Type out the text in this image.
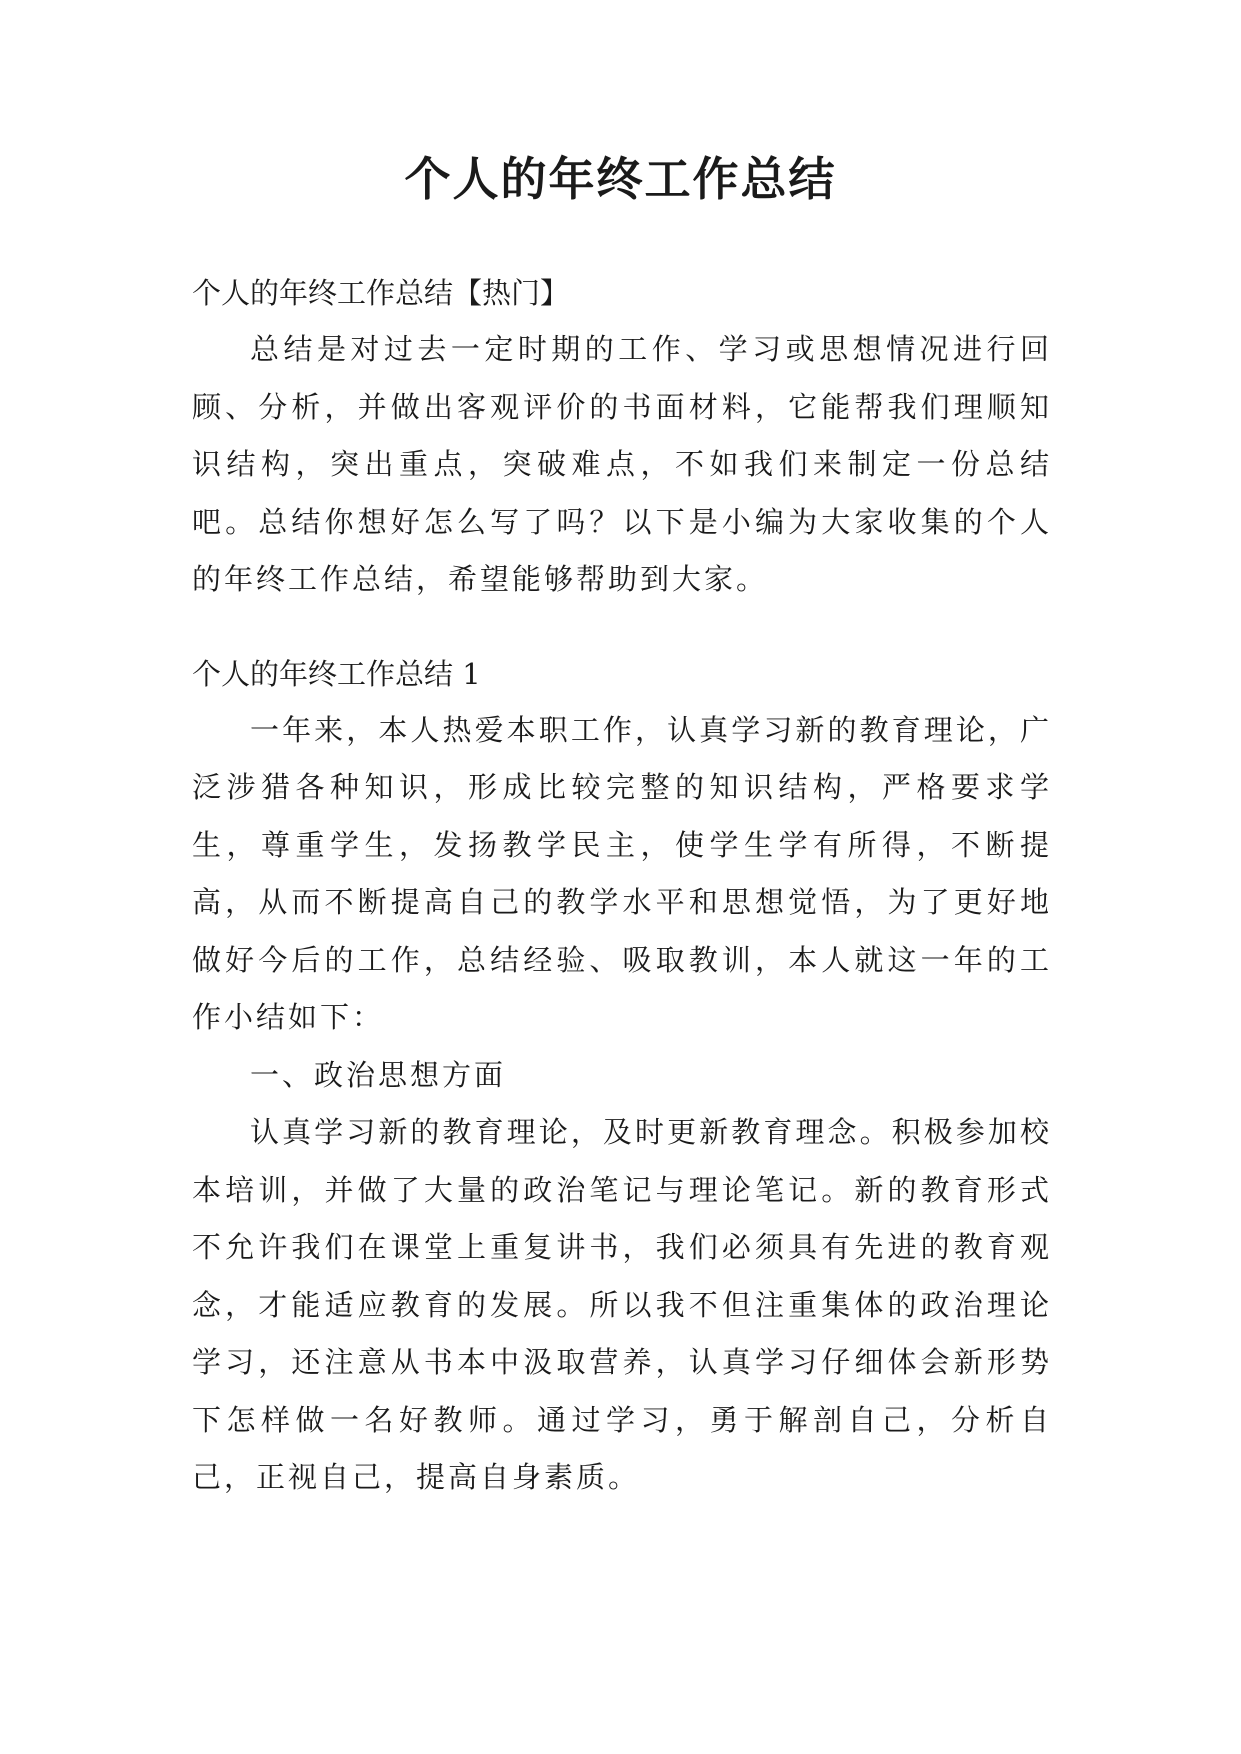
个人的年终工作总结

个人的年终工作总结【热门】

总结是对过去一定时期的工作、学习或思想情况进行回顾、分析，并做出客观评价的书面材料，它能帮我们理顺知识结构，突出重点，突破难点，不如我们来制定一份总结吧。总结你想好怎么写了吗？以下是小编为大家收集的个人的年终工作总结，希望能够帮助到大家。

个人的年终工作总结 1

一年来，本人热爱本职工作，认真学习新的教育理论，广泛涉猎各种知识，形成比较完整的知识结构，严格要求学生，尊重学生，发扬教学民主，使学生学有所得，不断提高，从而不断提高自己的教学水平和思想觉悟，为了更好地做好今后的工作，总结经验、吸取教训，本人就这一年的工作小结如下：

一、政治思想方面

认真学习新的教育理论，及时更新教育理念。积极参加校本培训，并做了大量的政治笔记与理论笔记。新的教育形式不允许我们在课堂上重复讲书，我们必须具有先进的教育观念，才能适应教育的发展。所以我不但注重集体的政治理论学习，还注意从书本中汲取营养，认真学习仔细体会新形势下怎样做一名好教师。通过学习，勇于解剖自己，分析自己，正视自己，提高自身素质。
